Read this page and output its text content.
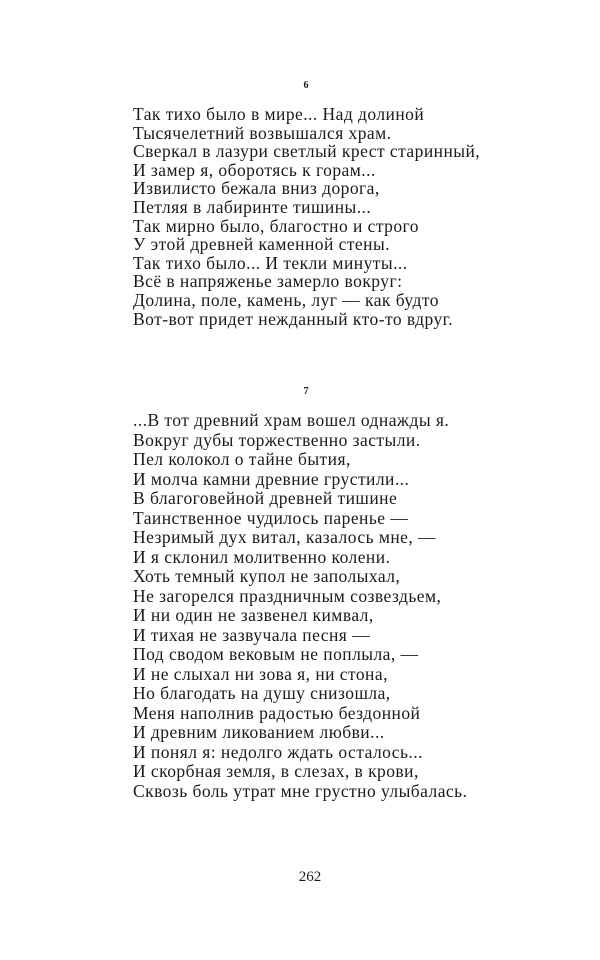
6
Так тихо было в мире... Над долиной
Тысячелетний возвышался храм.
Сверкал в лазури светлый крест старинный,
И замер я, оборотясь к горам...
Извилисто бежала вниз дорога,
Петляя в лабиринте тишины...
Так мирно было, благостно и строго
У этой древней каменной стены.
Так тихо было... И текли минуты...
Всё в напряженье замерло вокруг:
Долина, поле, камень, луг — как будто
Вот-вот придет нежданный кто-то вдруг.
7
...В тот древний храм вошел однажды я.
Вокруг дубы торжественно застыли.
Пел колокол о тайне бытия,
И молча камни древние грустили...
В благоговейной древней тишине
Таинственное чудилось паренье —
Незримый дух витал, казалось мне, —
И я склонил молитвенно колени.
Хоть темный купол не заполыхал,
Не загорелся праздничным созвездьем,
И ни один не зазвенел кимвал,
И тихая не зазвучала песня —
Под сводом вековым не поплыла, —
И не слыхал ни зова я, ни стона,
Но благодать на душу снизошла,
Меня наполнив радостью бездонной
И древним ликованием любви...
И понял я: недолго ждать осталось...
И скорбная земля, в слезах, в крови,
Сквозь боль утрат мне грустно улыбалась.
262
